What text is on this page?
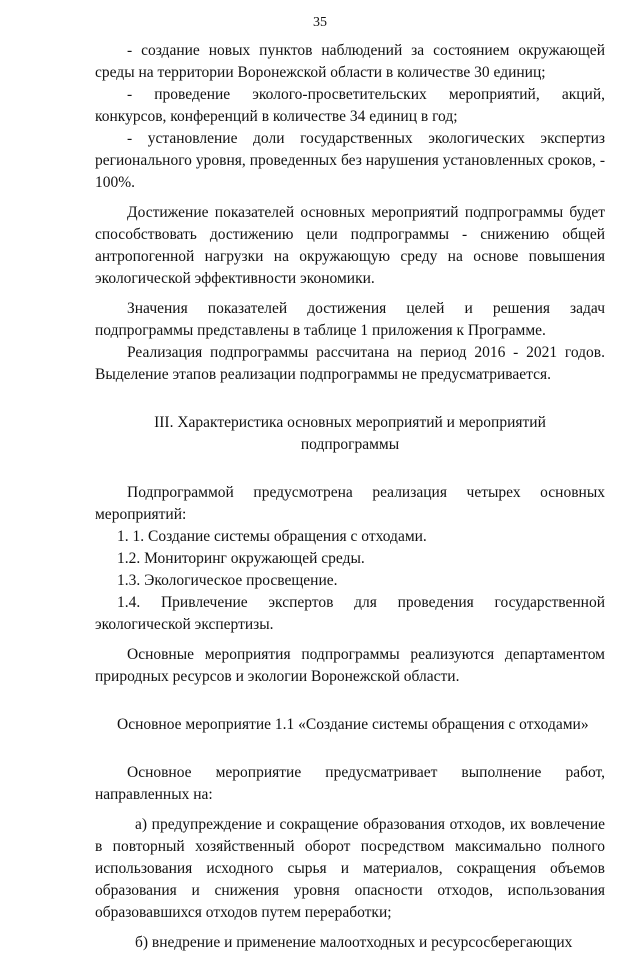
35

- создание новых пунктов наблюдений за состоянием окружающей среды на территории Воронежской области в количестве 30 единиц;

- проведение эколого-просветительских мероприятий, акций, конкурсов, конференций в количестве 34 единиц в год;

- установление доли государственных экологических экспертиз регионального уровня, проведенных без нарушения установленных сроков, - 100%.

Достижение показателей основных мероприятий подпрограммы будет способствовать достижению цели подпрограммы - снижению общей антропогенной нагрузки на окружающую среду на основе повышения экологической эффективности экономики.

Значения показателей достижения целей и решения задач подпрограммы представлены в таблице 1 приложения к Программе.

Реализация подпрограммы рассчитана на период 2016 - 2021 годов. Выделение этапов реализации подпрограммы не предусматривается.

III. Характеристика основных мероприятий и мероприятий подпрограммы

Подпрограммой предусмотрена реализация четырех основных мероприятий:

1. 1. Создание системы обращения с отходами.

1.2. Мониторинг окружающей среды.

1.3. Экологическое просвещение.

1.4. Привлечение экспертов для проведения государственной экологической экспертизы.

Основные мероприятия подпрограммы реализуются департаментом природных ресурсов и экологии Воронежской области.

Основное мероприятие 1.1 «Создание системы обращения с отходами»

Основное мероприятие предусматривает выполнение работ, направленных на:

а) предупреждение и сокращение образования отходов, их вовлечение в повторный хозяйственный оборот посредством максимально полного использования исходного сырья и материалов, сокращения объемов образования и снижения уровня опасности отходов, использования образовавшихся отходов путем переработки;

б) внедрение и применение малоотходных и ресурсосберегающих
